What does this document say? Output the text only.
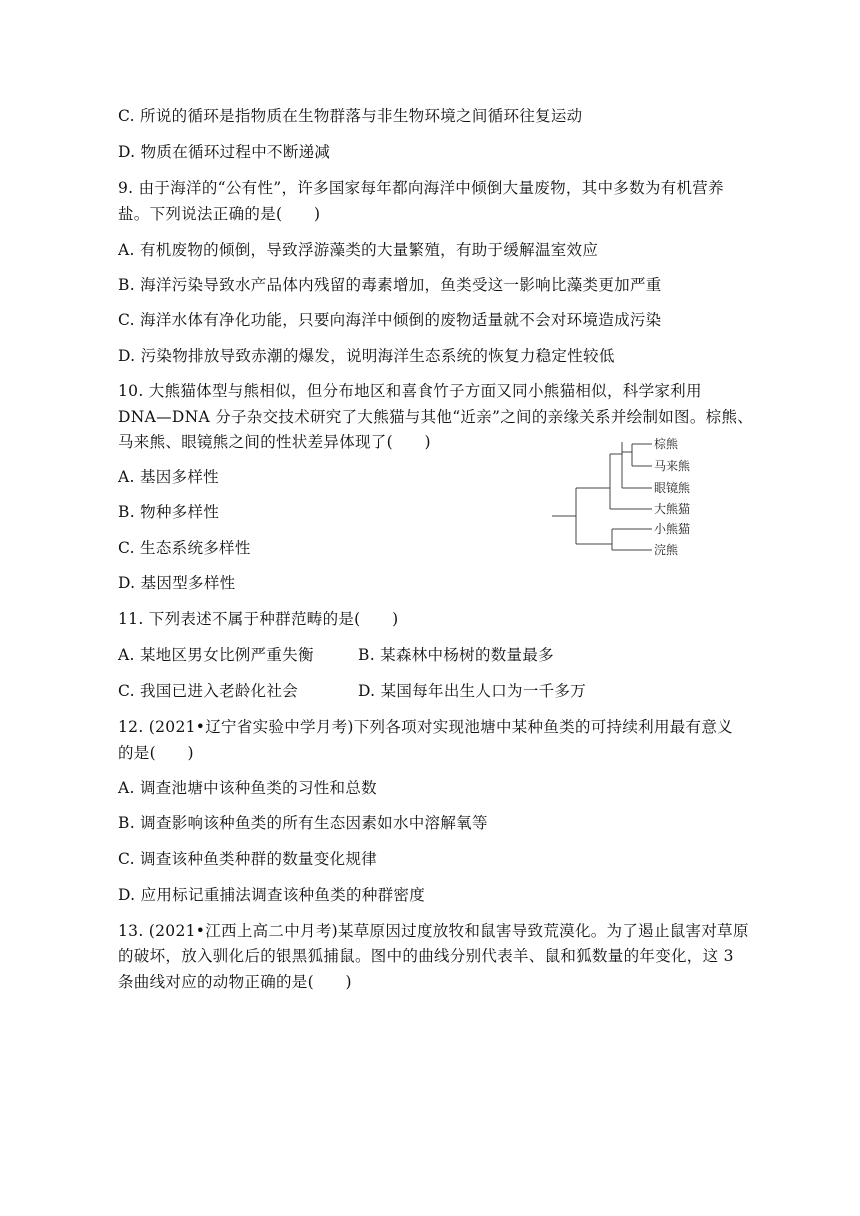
C. 所说的循环是指物质在生物群落与非生物环境之间循环往复运动
D. 物质在循环过程中不断递减
9. 由于海洋的“公有性”，许多国家每年都向海洋中倾倒大量废物，其中多数为有机营养
盐。下列说法正确的是(　　)
A. 有机废物的倾倒，导致浮游藻类的大量繁殖，有助于缓解温室效应
B. 海洋污染导致水产品体内残留的毒素增加，鱼类受这一影响比藻类更加严重
C. 海洋水体有净化功能，只要向海洋中倾倒的废物适量就不会对环境造成污染
D. 污染物排放导致赤潮的爆发，说明海洋生态系统的恢复力稳定性较低
10. 大熊猫体型与熊相似，但分布地区和喜食竹子方面又同小熊猫相似，科学家利用
DNA—DNA 分子杂交技术研究了大熊猫与其他“近亲”之间的亲缘关系并绘制如图。棕熊、
马来熊、眼镜熊之间的性状差异体现了(　　)
A. 基因多样性
B. 物种多样性
C. 生态系统多样性
D. 基因型多样性
棕熊
马来熊
眼镜熊
大熊猫
小熊猫
浣熊
11. 下列表述不属于种群范畴的是(　　)
A. 某地区男女比例严重失衡	B. 某森林中杨树的数量最多
C. 我国已进入老龄化社会	D. 某国每年出生人口为一千多万
12. (2021•辽宁省实验中学月考)下列各项对实现池塘中某种鱼类的可持续利用最有意义
的是(　　)
A. 调查池塘中该种鱼类的习性和总数
B. 调查影响该种鱼类的所有生态因素如水中溶解氧等
C. 调查该种鱼类种群的数量变化规律
D. 应用标记重捕法调查该种鱼类的种群密度
13. (2021•江西上高二中月考)某草原因过度放牧和鼠害导致荒漠化。为了遏止鼠害对草原
的破坏，放入驯化后的银黑狐捕鼠。图中的曲线分别代表羊、鼠和狐数量的年变化，这 3
条曲线对应的动物正确的是(　　)
